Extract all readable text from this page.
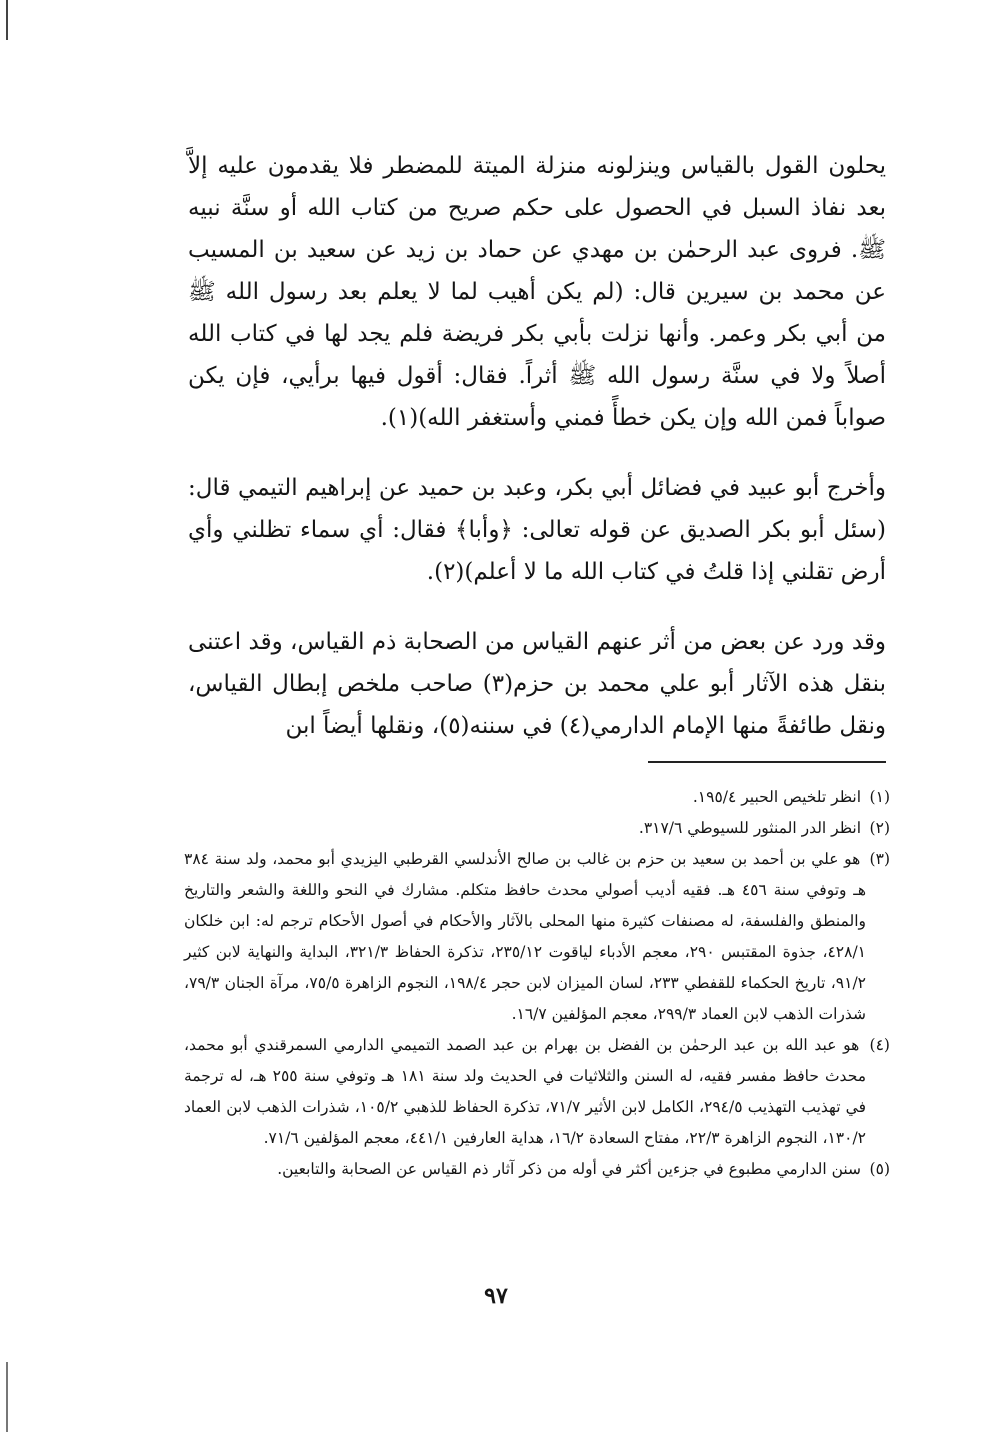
يحلون القول بالقياس وينزلونه منزلة الميتة للمضطر فلا يقدمون عليه إلاَّ بعد نفاذ السبل في الحصول على حكم صريح من كتاب الله أو سنَّة نبيه ﷺ. فروى عبد الرحمٰن بن مهدي عن حماد بن زيد عن سعيد بن المسيب عن محمد بن سيرين قال: (لم يكن أهيب لما لا يعلم بعد رسول الله ﷺ من أبي بكر وعمر. وأنها نزلت بأبي بكر فريضة فلم يجد لها في كتاب الله أصلاً ولا في سنَّة رسول الله ﷺ أثراً. فقال: أقول فيها برأيي، فإن يكن صواباً فمن الله وإن يكن خطأً فمني وأستغفر الله)(١).

وأخرج أبو عبيد في فضائل أبي بكر، وعبد بن حميد عن إبراهيم التيمي قال: (سئل أبو بكر الصديق عن قوله تعالى: ﴿وأبا﴾ فقال: أي سماء تظلني وأي أرض تقلني إذا قلتُ في كتاب الله ما لا أعلم)(٢).

وقد ورد عن بعض من أثر عنهم القياس من الصحابة ذم القياس، وقد اعتنى بنقل هذه الآثار أبو علي محمد بن حزم(٣) صاحب ملخص إبطال القياس، ونقل طائفةً منها الإمام الدارمي(٤) في سننه(٥)، ونقلها أيضاً ابن

(١) انظر تلخيص الحبير ١٩٥/٤.

(٢) انظر الدر المنثور للسيوطي ٣١٧/٦.

(٣) هو علي بن أحمد بن سعيد بن حزم بن غالب بن صالح الأندلسي القرطبي اليزيدي أبو محمد، ولد سنة ٣٨٤ هـ وتوفي سنة ٤٥٦ هـ. فقيه أديب أصولي محدث حافظ متكلم. مشارك في النحو واللغة والشعر والتاريخ والمنطق والفلسفة، له مصنفات كثيرة منها المحلى بالآثار والأحكام في أصول الأحكام ترجم له: ابن خلكان ٤٢٨/١، جذوة المقتبس ٢٩٠، معجم الأدباء لياقوت ٢٣٥/١٢، تذكرة الحفاظ ٣٢١/٣، البداية والنهاية لابن كثير ٩١/٢، تاريخ الحكماء للقفطي ٢٣٣، لسان الميزان لابن حجر ١٩٨/٤، النجوم الزاهرة ٧٥/٥، مرآة الجنان ٧٩/٣، شذرات الذهب لابن العماد ٢٩٩/٣، معجم المؤلفين ١٦/٧.

(٤) هو عبد الله بن عبد الرحمٰن بن الفضل بن بهرام بن عبد الصمد التميمي الدارمي السمرقندي أبو محمد، محدث حافظ مفسر فقيه، له السنن والثلاثيات في الحديث ولد سنة ١٨١ هـ وتوفي سنة ٢٥٥ هـ، له ترجمة في تهذيب التهذيب ٢٩٤/٥، الكامل لابن الأثير ٧١/٧، تذكرة الحفاظ للذهبي ١٠٥/٢، شذرات الذهب لابن العماد ١٣٠/٢، النجوم الزاهرة ٢٢/٣، مفتاح السعادة ١٦/٢، هداية العارفين ٤٤١/١، معجم المؤلفين ٧١/٦.

(٥) سنن الدارمي مطبوع في جزءين أكثر في أوله من ذكر آثار ذم القياس عن الصحابة والتابعين.

٩٧
